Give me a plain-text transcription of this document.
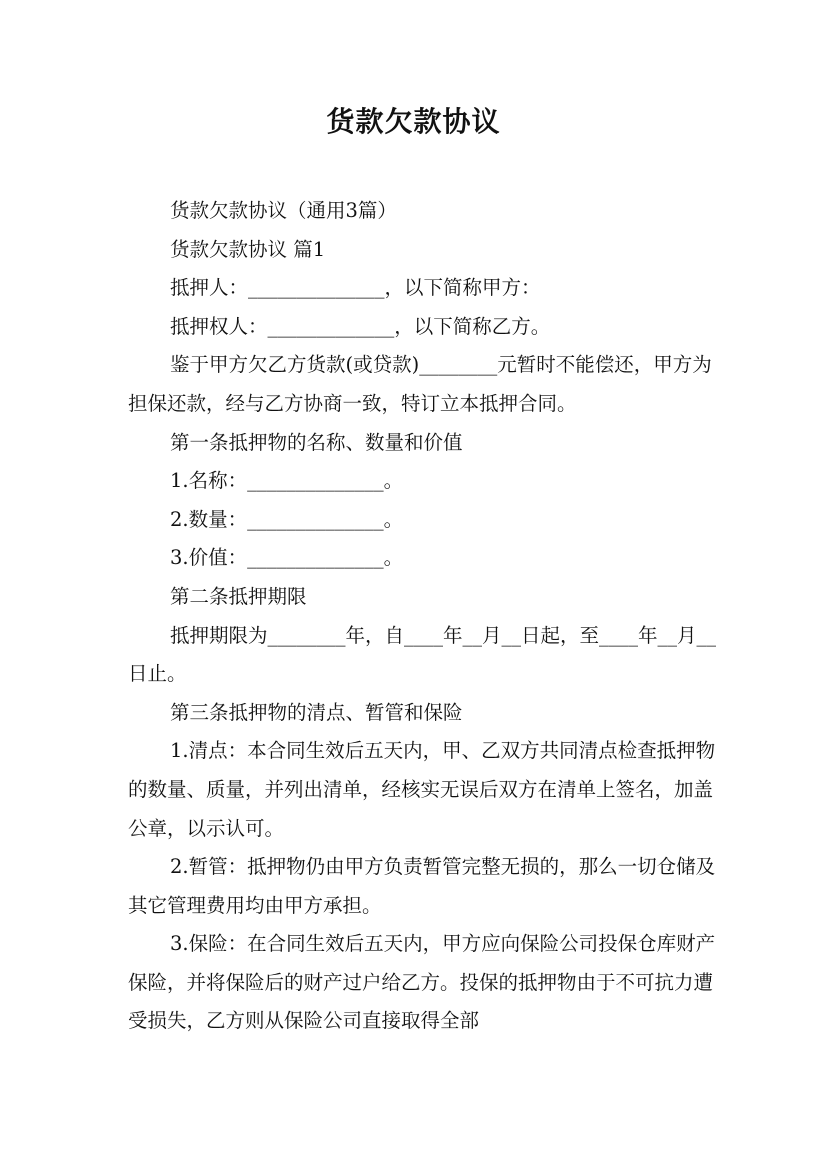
货款欠款协议

货款欠款协议（通用3篇）

货款欠款协议 篇1

抵押人：______________，以下简称甲方：

抵押权人：_____________，以下简称乙方。

鉴于甲方欠乙方货款(或贷款)________元暂时不能偿还，甲方为担保还款，经与乙方协商一致，特订立本抵押合同。

第一条抵押物的名称、数量和价值

1.名称：______________。

2.数量：______________。

3.价值：______________。

第二条抵押期限

抵押期限为________年，自____年__月__日起，至____年__月__日止。

第三条抵押物的清点、暂管和保险

1.清点：本合同生效后五天内，甲、乙双方共同清点检查抵押物的数量、质量，并列出清单，经核实无误后双方在清单上签名，加盖公章，以示认可。

2.暂管：抵押物仍由甲方负责暂管完整无损的，那么一切仓储及其它管理费用均由甲方承担。

3.保险：在合同生效后五天内，甲方应向保险公司投保仓库财产保险，并将保险后的财产过户给乙方。投保的抵押物由于不可抗力遭受损失，乙方则从保险公司直接取得全部
